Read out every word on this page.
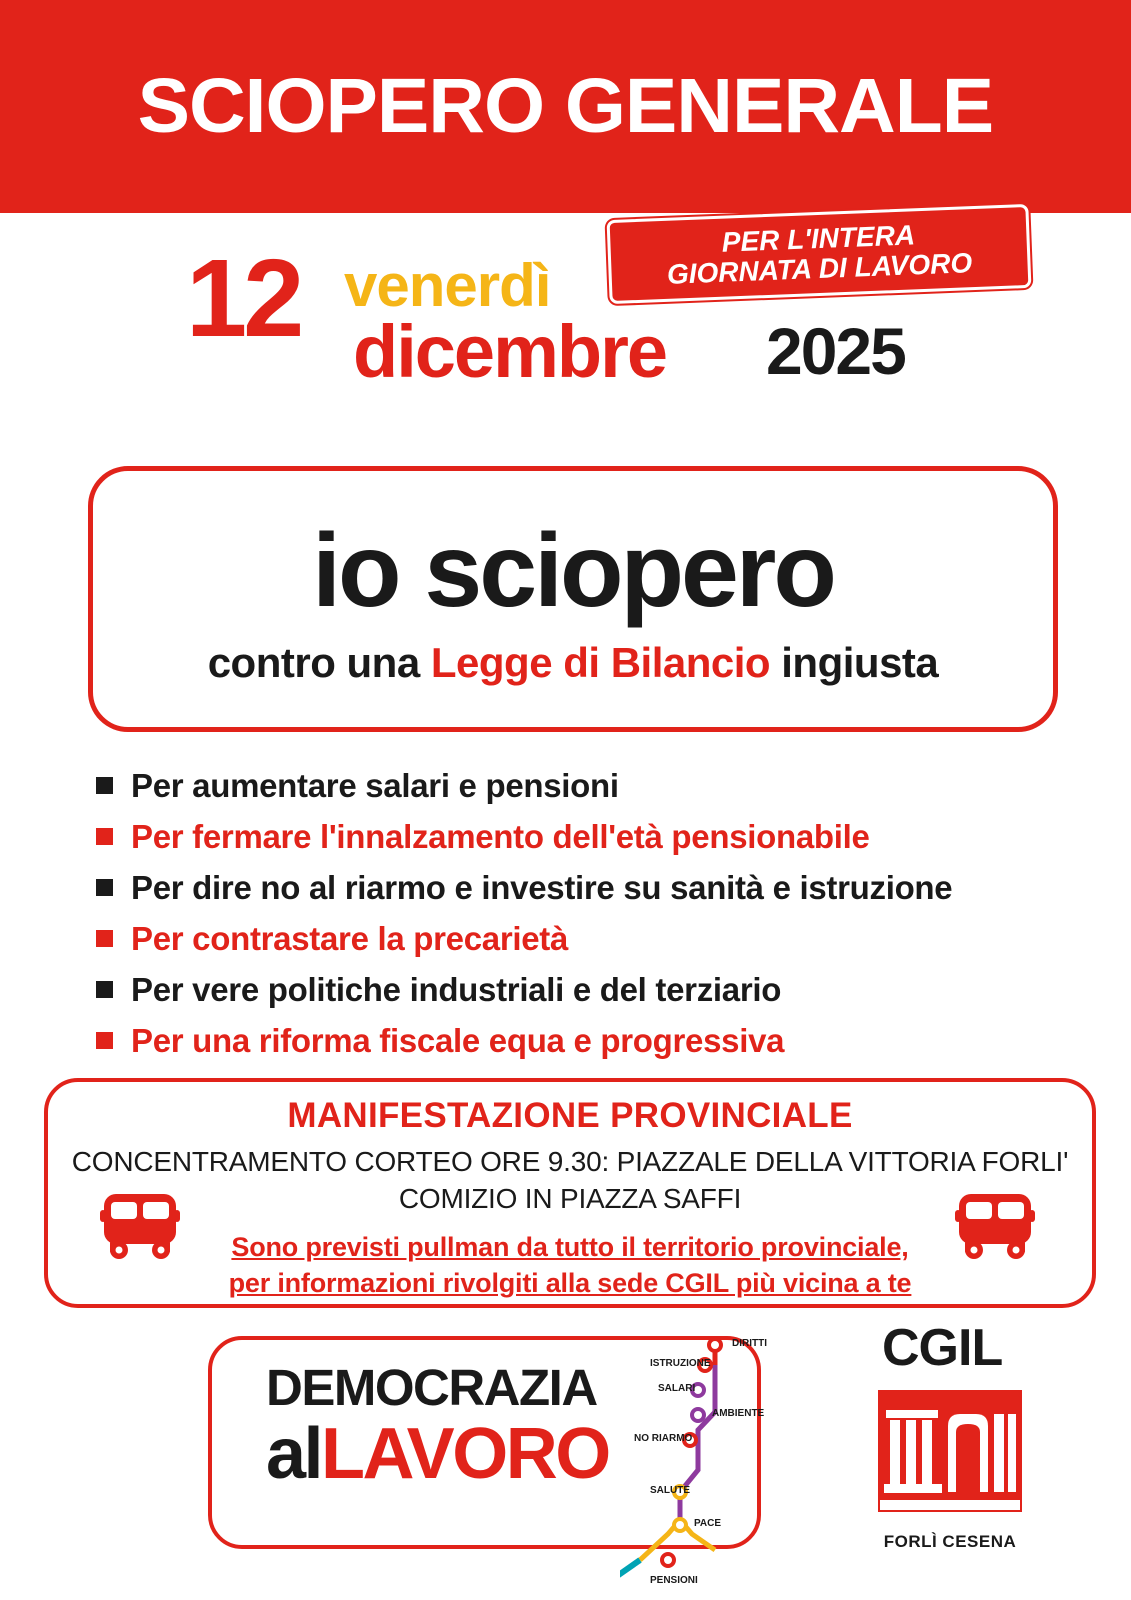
SCIOPERO GENERALE
12 venerdì
dicembre 2025
PER L'INTERA
GIORNATA DI LAVORO
io sciopero
contro una Legge di Bilancio ingiusta
Per aumentare salari e pensioni
Per fermare l'innalzamento dell'età pensionabile
Per dire no al riarmo e investire su sanità e istruzione
Per contrastare la precarietà
Per vere politiche industriali e del terziario
Per una riforma fiscale equa e progressiva
MANIFESTAZIONE PROVINCIALE
CONCENTRAMENTO CORTEO ORE 9.30: PIAZZALE DELLA VITTORIA FORLI'
COMIZIO IN PIAZZA SAFFI
Sono previsti pullman da tutto il territorio provinciale,
per informazioni rivolgiti alla sede CGIL più vicina a te
DEMOCRAZIA
alLAVORO
DIRITTI
ISTRUZIONE
SALARI
AMBIENTE
NO RIARMO
SALUTE
PACE
PENSIONI
CGIL
FORLÌ CESENA
